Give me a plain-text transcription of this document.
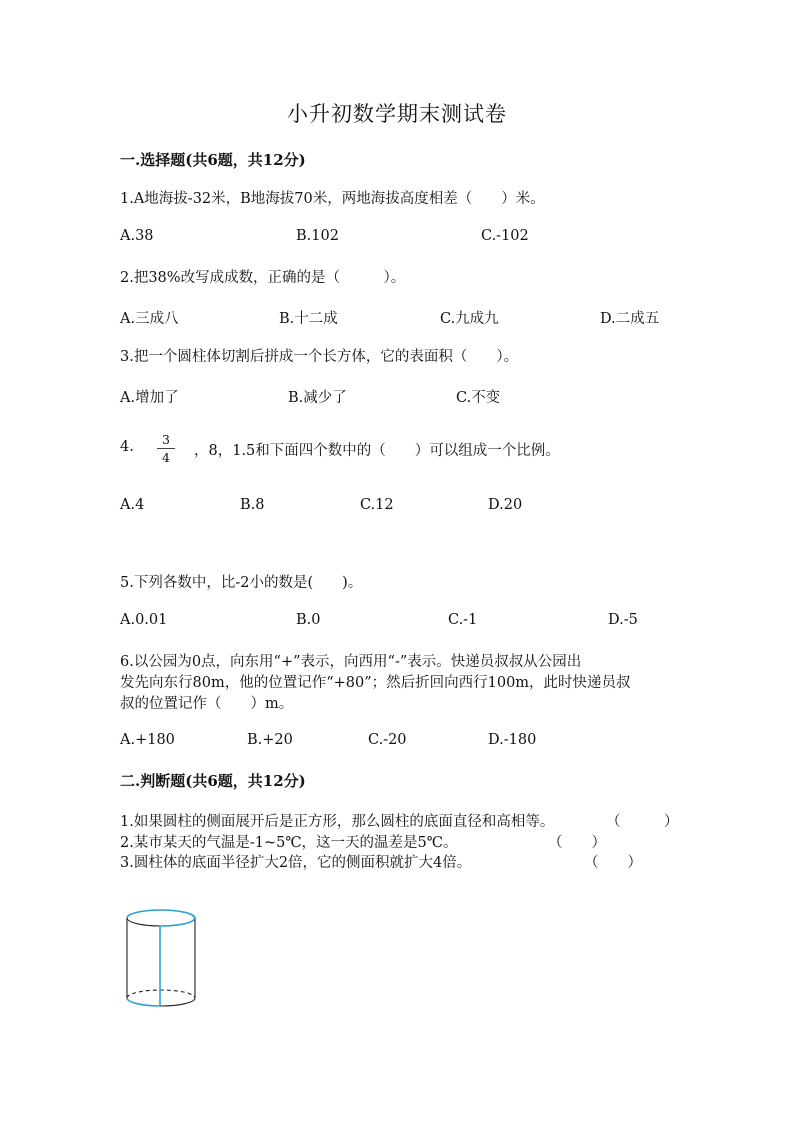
小升初数学期末测试卷
一.选择题(共6题，共12分)
1.A地海拔-32米，B地海拔70米，两地海拔高度相差（　　）米。
A.38	B.102	C.-102
2.把38%改写成成数，正确的是（　　　）。
A.三成八	B.十二成	C.九成九	D.二成五
3.把一个圆柱体切割后拼成一个长方体，它的表面积（　　）。
A.增加了	B.减少了	C.不变
4.	3
4	，8，1.5和下面四个数中的（　　）可以组成一个比例。
A.4	B.8	C.12	D.20
5.下列各数中，比-2小的数是(　　)。
A.0.01	B.0	C.-1	D.-5
6.以公园为0点，向东用“+”表示，向西用“-”表示。快递员叔叔从公园出
发先向东行80m，他的位置记作“+80”；然后折回向西行100m，此时快递员叔
叔的位置记作（　　）m。
A.+180	B.+20	C.-20	D.-180
二.判断题(共6题，共12分)
1.如果圆柱的侧面展开后是正方形，那么圆柱的底面直径和高相等。	（　　　）
2.某市某天的气温是-1~5℃，这一天的温差是5℃。	（　　）
3.圆柱体的底面半径扩大2倍，它的侧面积就扩大4倍。	（　　）
